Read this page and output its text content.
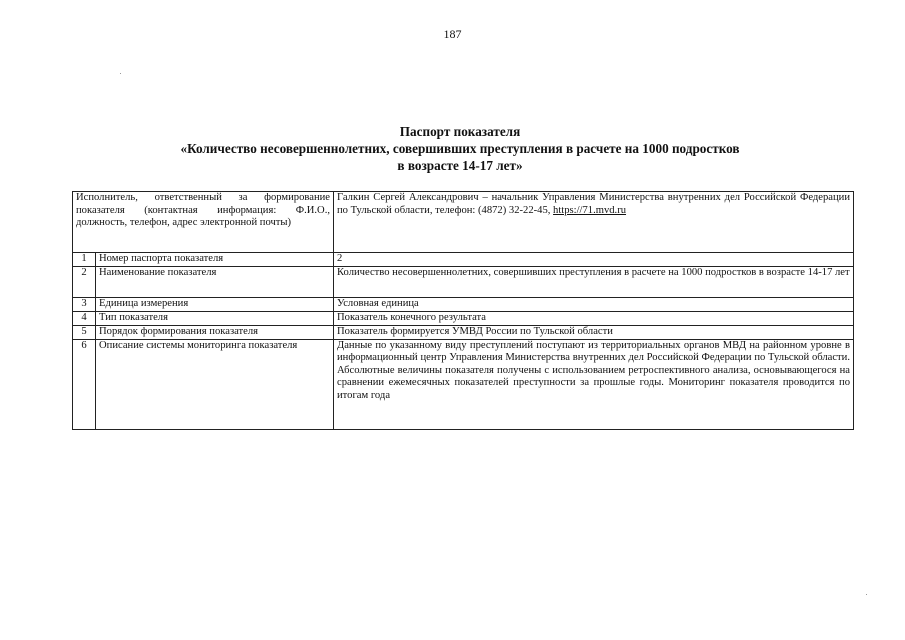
187
Паспорт показателя
«Количество несовершеннолетних, совершивших преступления в расчете на 1000 подростков
в возрасте 14-17 лет»
Исполнитель, ответственный за формирование показателя (контактная информация: Ф.И.О., должность, телефон, адрес электронной почты)		Галкин Сергей Александрович – начальник Управления Министерства внутренних дел Российской Федерации по Тульской области, телефон: (4872) 32-22-45, https://71.mvd.ru
1	Номер паспорта показателя	2
2	Наименование показателя	Количество несовершеннолетних, совершивших преступления в расчете на 1000 подростков в возрасте 14-17 лет
3	Единица измерения	Условная единица
4	Тип показателя	Показатель конечного результата
5	Порядок формирования показателя	Показатель формируется УМВД России по Тульской области
6	Описание системы мониторинга показателя	Данные по указанному виду преступлений поступают из территориальных органов МВД на районном уровне в информационный центр Управления Министерства внутренних дел Российской Федерации по Тульской области. Абсолютные величины показателя получены с использованием ретроспективного анализа, основывающегося на сравнении ежемесячных показателей преступности за прошлые годы. Мониторинг показателя проводится по итогам года
